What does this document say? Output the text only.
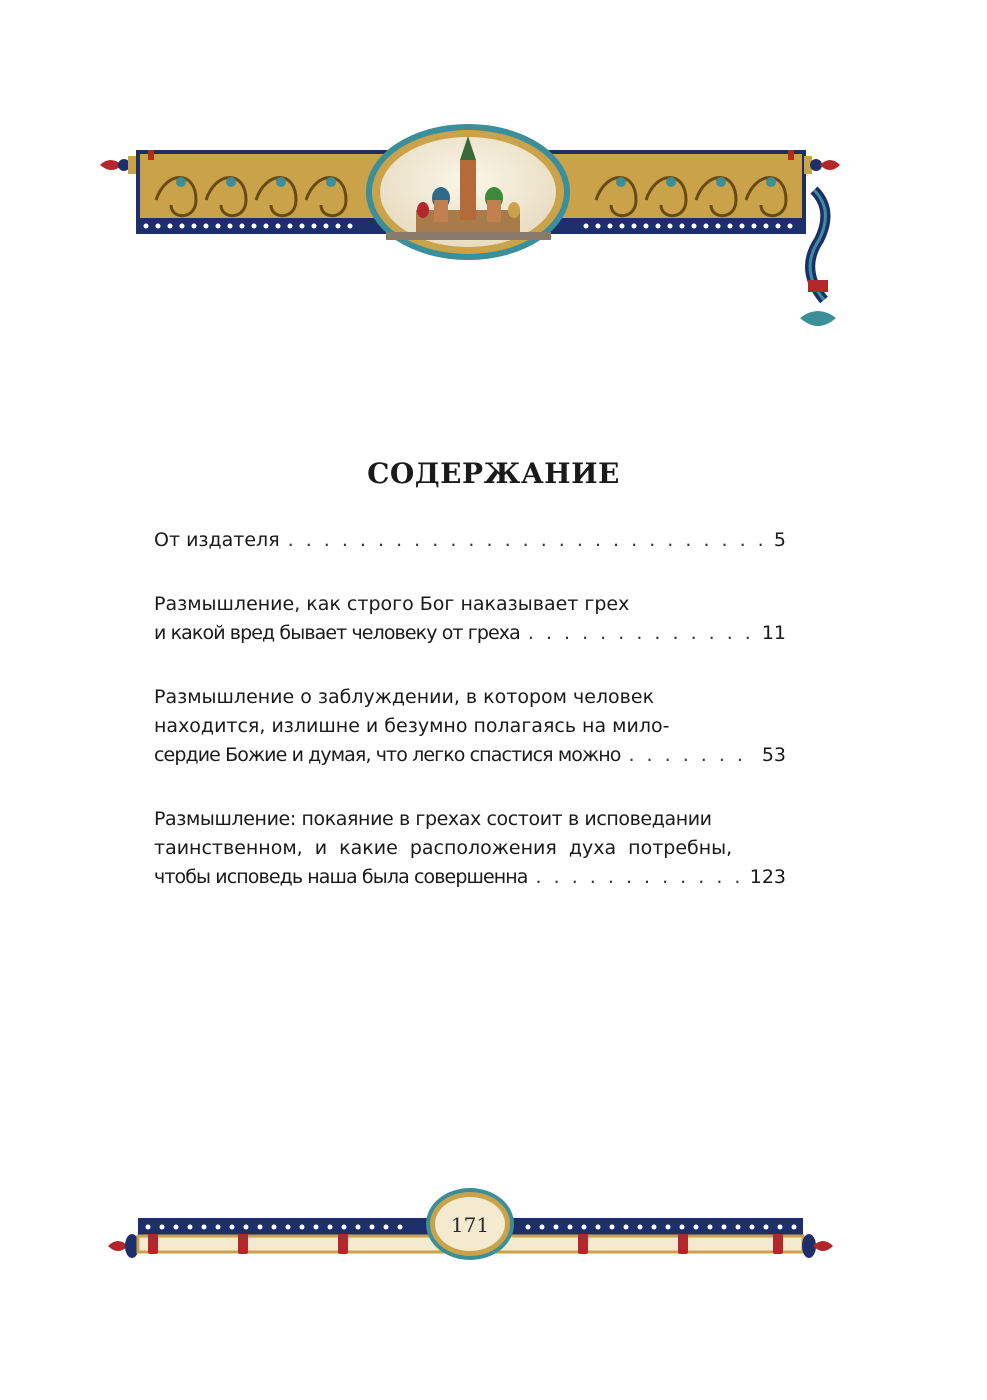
СОДЕРЖАНИЕ
От издателя . . .	5
Размышление, как строго Бог наказывает грех
и какой вред бывает человеку от греха . . .	11
Размышление о заблуждении, в котором человек
находится, излишне и безумно полагаясь на мило-
сердие Божие и думая, что легко спастися можно . . .	53
Размышление: покаяние в грехах состоит в исповедании
таинственном, и какие расположения духа потребны,
чтобы исповедь наша была совершенна . . .	123
171
